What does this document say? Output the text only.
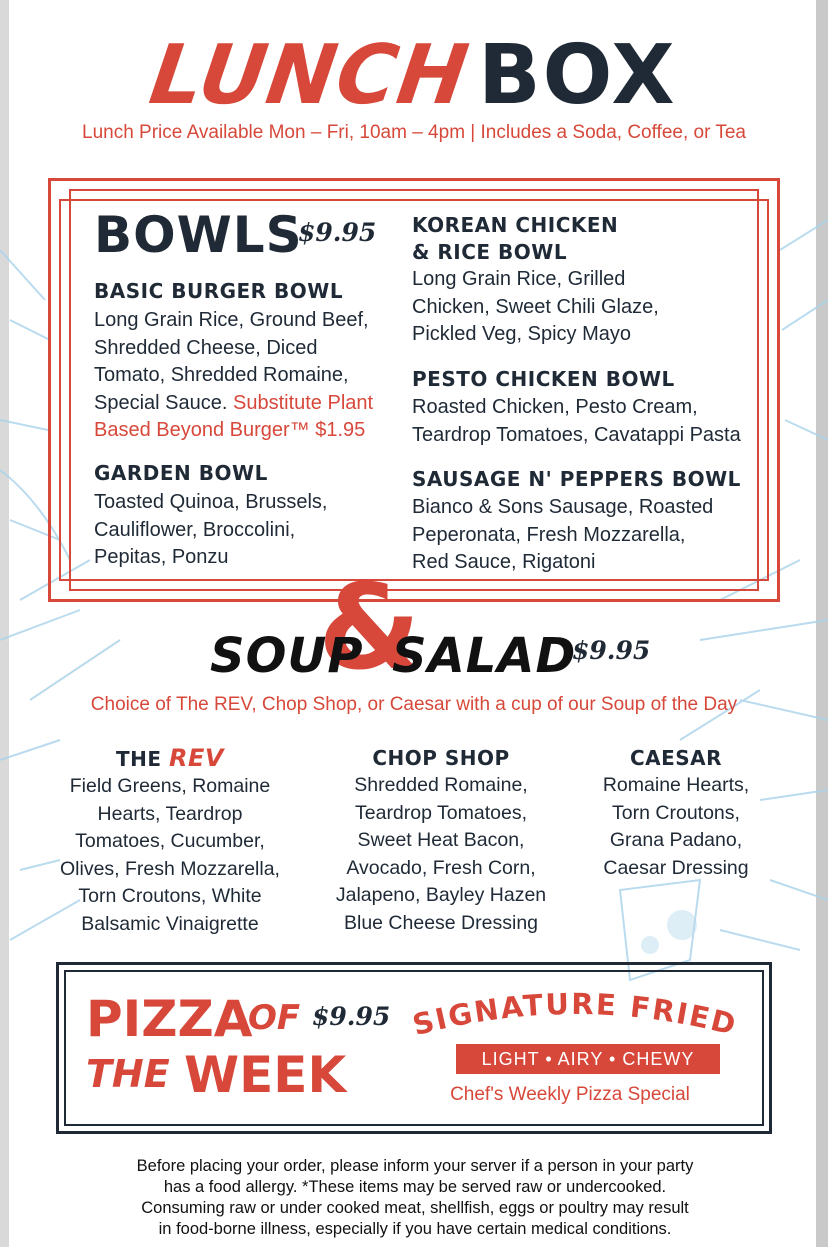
LUNCHBOX
Lunch Price Available Mon – Fri, 10am – 4pm | Includes a Soda, Coffee, or Tea
BOWLS
$9.95
BASIC BURGER BOWL
Long Grain Rice, Ground Beef,
Shredded Cheese, Diced
Tomato, Shredded Romaine,
Special Sauce. Substitute Plant
Based Beyond Burger™ $1.95
GARDEN BOWL
Toasted Quinoa, Brussels,
Cauliflower, Broccolini,
Pepitas, Ponzu
KOREAN CHICKEN
& RICE BOWL
Long Grain Rice, Grilled
Chicken, Sweet Chili Glaze,
Pickled Veg, Spicy Mayo
PESTO CHICKEN BOWL
Roasted Chicken, Pesto Cream,
Teardrop Tomatoes, Cavatappi Pasta
SAUSAGE N' PEPPERS BOWL
Bianco & Sons Sausage, Roasted
Peperonata, Fresh Mozzarella,
Red Sauce, Rigatoni
&
SOUP SALAD
$9.95
Choice of The REV, Chop Shop, or Caesar with a cup of our Soup of the Day
THE REV
Field Greens, Romaine
Hearts, Teardrop
Tomatoes, Cucumber,
Olives, Fresh Mozzarella,
Torn Croutons, White
Balsamic Vinaigrette
CHOP SHOP
Shredded Romaine,
Teardrop Tomatoes,
Sweet Heat Bacon,
Avocado, Fresh Corn,
Jalapeno, Bayley Hazen
Blue Cheese Dressing
CAESAR
Romaine Hearts,
Torn Croutons,
Grana Padano,
Caesar Dressing
PIZZA
OF $9.95
THE WEEK
SIGNATURE FRIED
LIGHT • AIRY • CHEWY
Chef's Weekly Pizza Special
Before placing your order, please inform your server if a person in your party
has a food allergy. *These items may be served raw or undercooked.
Consuming raw or under cooked meat, shellfish, eggs or poultry may result
in food-borne illness, especially if you have certain medical conditions.
